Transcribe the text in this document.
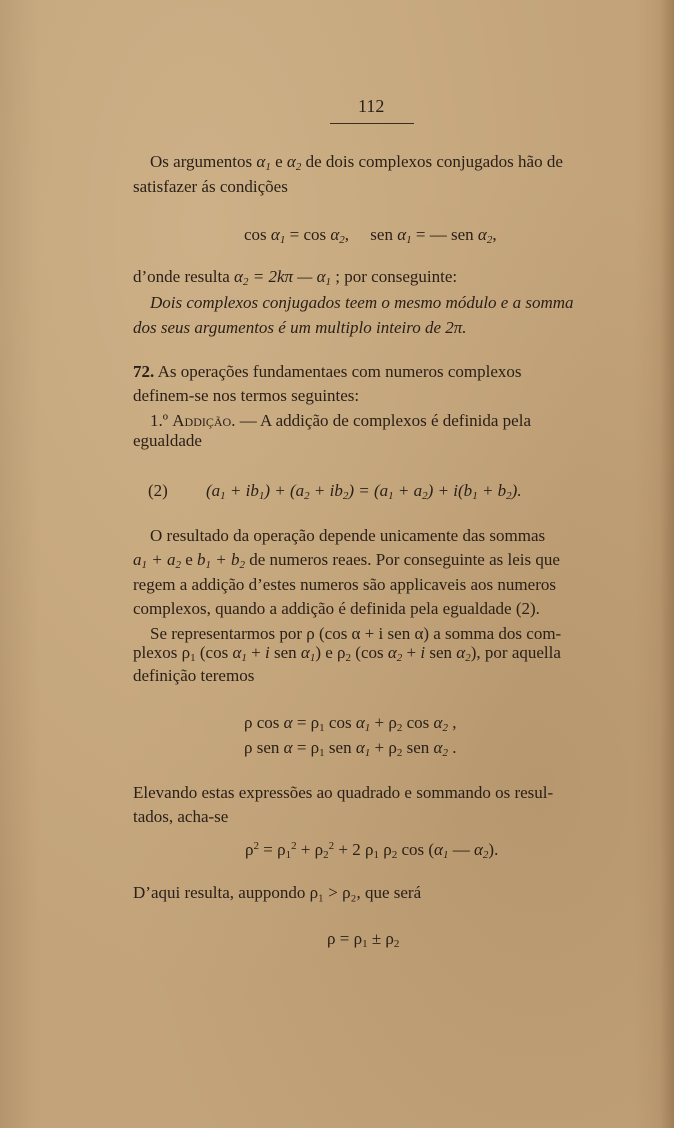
112
Os argumentos $\alpha_1$ e $\alpha_2$ de dois complexos conjugados hão de
satisfazer ás condições
$\cos \alpha_1 = \cos \alpha_2$,     sen $\alpha_1$ = — sen $\alpha_2$,
d’onde resulta $\alpha_2 = 2k\pi$ — $\alpha_1$ ; por conseguinte:
Dois complexos conjugados teem o mesmo módulo e a somma
dos seus argumentos é um multiplo inteiro de 2π.
72. As operações fundamentaes com numeros complexos
definem-se nos termos seguintes:
1.º Addição. — A addição de complexos é definida pela
egualdade
(2) $(a_1 + ib_1) + (a_2 + ib_2) = (a_1 + a_2) + i(b_1 + b_2)$.
O resultado da operação depende unicamente das sommas
$a_1 + a_2$ e $b_1 + b_2$ de numeros reaes. Por conseguinte as leis que
regem a addição d’estes numeros são applicaveis aos numeros
complexos, quando a addição é definida pela egualdade (2).
Se representarmos por ρ (cos α + i sen α) a somma dos com-
plexos $\rho_1$ (cos $\alpha_1 + i$ sen $\alpha_1$) e $\rho_2$ (cos $\alpha_2 + i$ sen $\alpha_2$), por aquella
definição teremos
ρ $\cos \alpha = \rho_1$ $\cos \alpha_1 + \rho_2$ $\cos \alpha_2$ ,
ρ sen $\alpha = \rho_1$ sen $\alpha_1 + \rho_2$ sen $\alpha_2$ .
Elevando estas expressões ao quadrado e sommando os resul-
tados, acha-se
$\rho^2 = \rho_1^2 + \rho_2^2 + 2$ $\rho_1$ $\rho_2$ $\cos (\alpha_1$ — $\alpha_2$).
D’aqui resulta, auppondo ρ₁ > ρ₂, que será
$\rho = \rho_1 \pm \rho_2$
